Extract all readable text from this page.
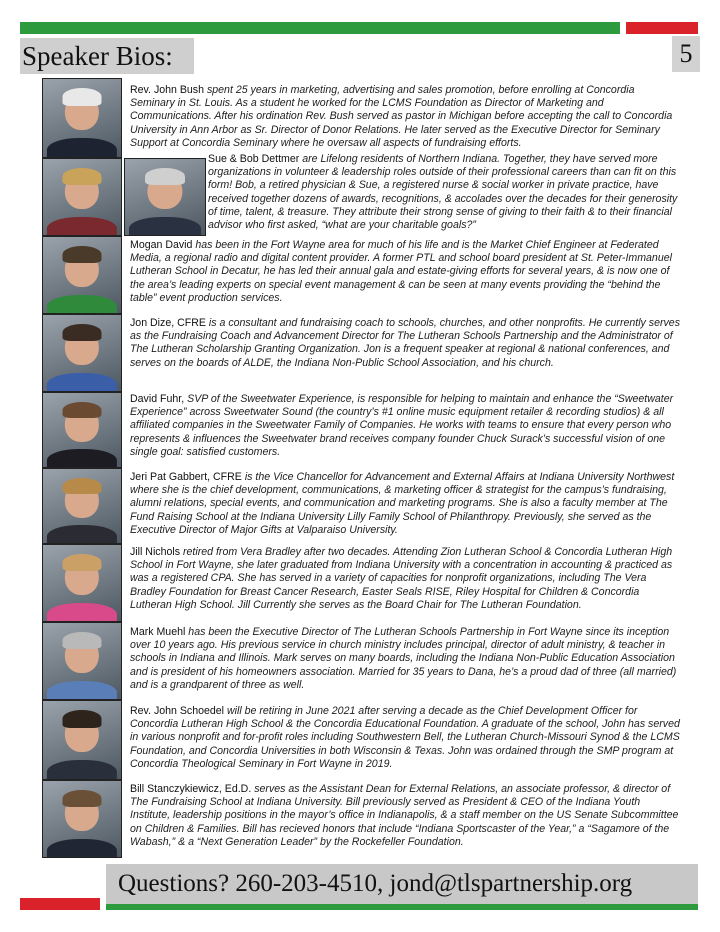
Speaker Bios:	5
Rev. John Bush spent 25 years in marketing, advertising and sales promotion, before enrolling at Concordia Seminary in St. Louis. As a student he worked for the LCMS Foundation as Director of Marketing and Communications. After his ordination Rev. Bush served as pastor in Michigan before accepting the call to Concordia University in Ann Arbor as Sr. Director of Donor Relations. He later served as the Executive Director for Seminary Support at Concordia Seminary where he oversaw all aspects of fundraising efforts.
Sue & Bob Dettmer are Lifelong residents of Northern Indiana. Together, they have served more organizations in volunteer & leadership roles outside of their professional careers than can fit on this form! Bob, a retired physician & Sue, a registered nurse & social worker in private practice, have received together dozens of awards, recognitions, & accolades over the decades for their generosity of time, talent, & treasure. They attribute their strong sense of giving to their faith & to their financial advisor who first asked, “what are your charitable goals?”
Mogan David has been in the Fort Wayne area for much of his life and is the Market Chief Engineer at Federated Media, a regional radio and digital content provider. A former PTL and school board president at St. Peter-Immanuel Lutheran School in Decatur, he has led their annual gala and estate-giving efforts for several years, & is now one of the area’s leading experts on special event management & can be seen at many events providing the “behind the table” event production services.
Jon Dize, CFRE is a consultant and fundraising coach to schools, churches, and other nonprofits. He currently serves as the Fundraising Coach and Advancement Director for The Lutheran Schools Partnership and the Administrator of The Lutheran Scholarship Granting Organization. Jon is a frequent speaker at regional & national conferences, and serves on the boards of ALDE, the Indiana Non-Public School Association, and his church.
David Fuhr, SVP of the Sweetwater Experience, is responsible for helping to maintain and enhance the “Sweetwater Experience” across Sweetwater Sound (the country’s #1 online music equipment retailer & recording studios) & all affiliated companies in the Sweetwater Family of Companies. He works with teams to ensure that every person who represents & influences the Sweetwater brand receives company founder Chuck Surack’s successful vision of one single goal: satisfied customers.
Jeri Pat Gabbert, CFRE is the Vice Chancellor for Advancement and External Affairs at Indiana University Northwest where she is the chief development, communications, & marketing officer & strategist for the campus’s fundraising, alumni relations, special events, and communication and marketing programs. She is also a faculty member at The Fund Raising School at the Indiana University Lilly Family School of Philanthropy. Previously, she served as the Executive Director of Major Gifts at Valparaiso University.
Jill Nichols retired from Vera Bradley after two decades. Attending Zion Lutheran School & Concordia Lutheran High School in Fort Wayne, she later graduated from Indiana University with a concentration in accounting & practiced as was a registered CPA. She has served in a variety of capacities for nonprofit organizations, including The Vera Bradley Foundation for Breast Cancer Research, Easter Seals RISE, Riley Hospital for Children & Concordia Lutheran High School. Jill Currently she serves as the Board Chair for The Lutheran Foundation.
Mark Muehl has been the Executive Director of The Lutheran Schools Partnership in Fort Wayne since its inception over 10 years ago. His previous service in church ministry includes principal, director of adult ministry, & teacher in schools in Indiana and Illinois. Mark serves on many boards, including the Indiana Non-Public Education Association and is president of his homeowners association. Married for 35 years to Dana, he’s a proud dad of three (all married) and is a grandparent of three as well.
Rev. John Schoedel will be retiring in June 2021 after serving a decade as the Chief Development Officer for Concordia Lutheran High School & the Concordia Educational Foundation. A graduate of the school, John has served in various nonprofit and for-profit roles including Southwestern Bell, the Lutheran Church-Missouri Synod & the LCMS Foundation, and Concordia Universities in both Wisconsin & Texas. John was ordained through the SMP program at Concordia Theological Seminary in Fort Wayne in 2019.
Bill Stanczykiewicz, Ed.D. serves as the Assistant Dean for External Relations, an associate professor, & director of The Fundraising School at Indiana University. Bill previously served as President & CEO of the Indiana Youth Institute, leadership positions in the mayor’s office in Indianapolis, & a staff member on the US Senate Subcommittee on Children & Families. Bill has recieved honors that include “Indiana Sportscaster of the Year,” a “Sagamore of the Wabash,” & a “Next Generation Leader” by the Rockefeller Foundation.
Questions? 260-203-4510, jond@tlspartnership.org
